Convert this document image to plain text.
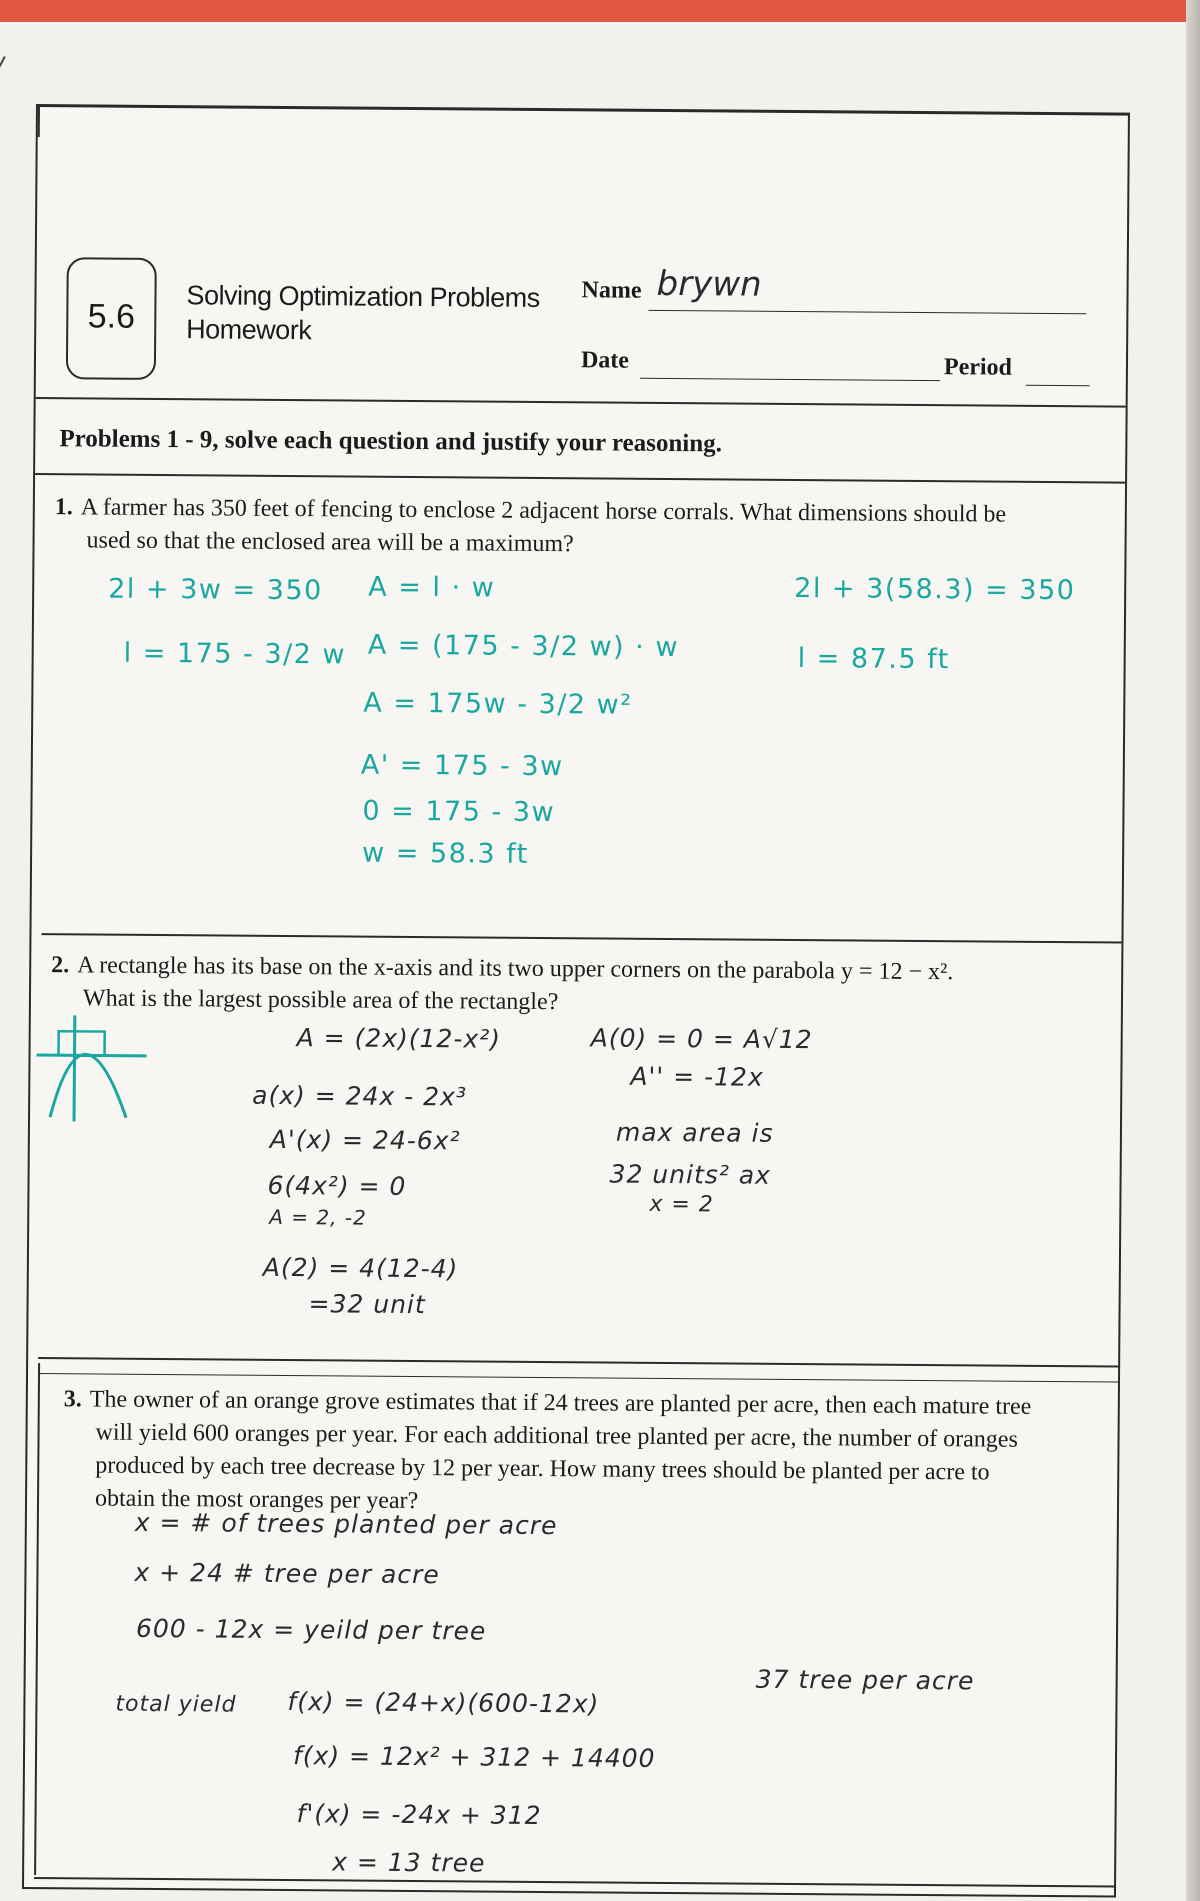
5.6
Solving Optimization Problems
Homework
Name brywn
Date	Period
Problems 1 - 9, solve each question and justify your reasoning.
1. A farmer has 350 feet of fencing to enclose 2 adjacent horse corrals. What dimensions should be
used so that the enclosed area will be a maximum?
2l + 3w = 350
l = 175 - 3/2 w
A = l · w
A = (175 - 3/2 w) · w
A = 175w - 3/2 w²
A' = 175 - 3w
0 = 175 - 3w
w = 58.3 ft
2l + 3(58.3) = 350
l = 87.5 ft
2. A rectangle has its base on the x-axis and its two upper corners on the parabola y = 12 − x².
What is the largest possible area of the rectangle?
A = (2x)(12-x²)
a(x) = 24x - 2x³
A'(x) = 24-6x²
6(4x²) = 0
A = 2, -2
A(2) = 4(12-4)
=32 unit
A(0) = 0 = A√12
A'' = -12x
max area is
32 units² ax
x = 2
3. The owner of an orange grove estimates that if 24 trees are planted per acre, then each mature tree
will yield 600 oranges per year. For each additional tree planted per acre, the number of oranges
produced by each tree decrease by 12 per year. How many trees should be planted per acre to
obtain the most oranges per year?
x = # of trees planted per acre
x + 24 # tree per acre
600 - 12x = yeild per tree
total yield f(x) = (24+x)(600-12x)
f(x) = 12x² + 312 + 14400
f'(x) = -24x + 312
x = 13 tree
37 tree per acre
